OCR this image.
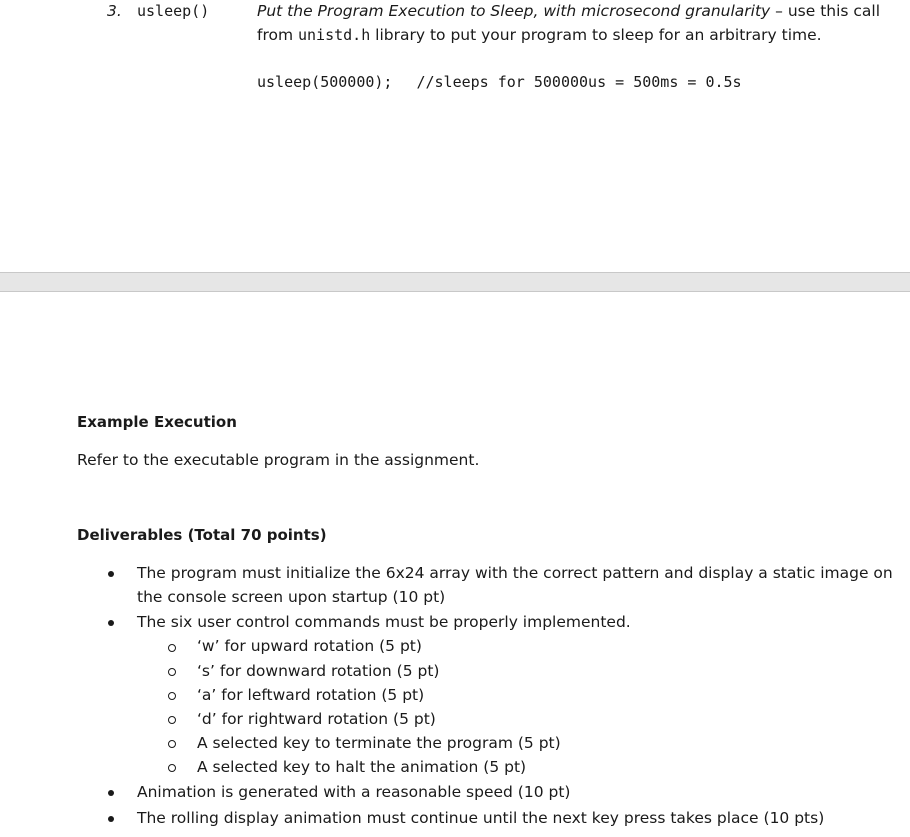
3. usleep()	Put the Program Execution to Sleep, with microsecond granularity – use this call
from unistd.h library to put your program to sleep for an arbitrary time.
usleep(500000); //sleeps for 500000us = 500ms = 0.5s
Example Execution
Refer to the executable program in the assignment.
Deliverables (Total 70 points)
The program must initialize the 6x24 array with the correct pattern and display a static image on
the console screen upon startup (10 pt)
The six user control commands must be properly implemented.
‘w’ for upward rotation (5 pt)
‘s’ for downward rotation (5 pt)
‘a’ for leftward rotation (5 pt)
‘d’ for rightward rotation (5 pt)
A selected key to terminate the program (5 pt)
A selected key to halt the animation (5 pt)
Animation is generated with a reasonable speed (10 pt)
The rolling display animation must continue until the next key press takes place (10 pts)
